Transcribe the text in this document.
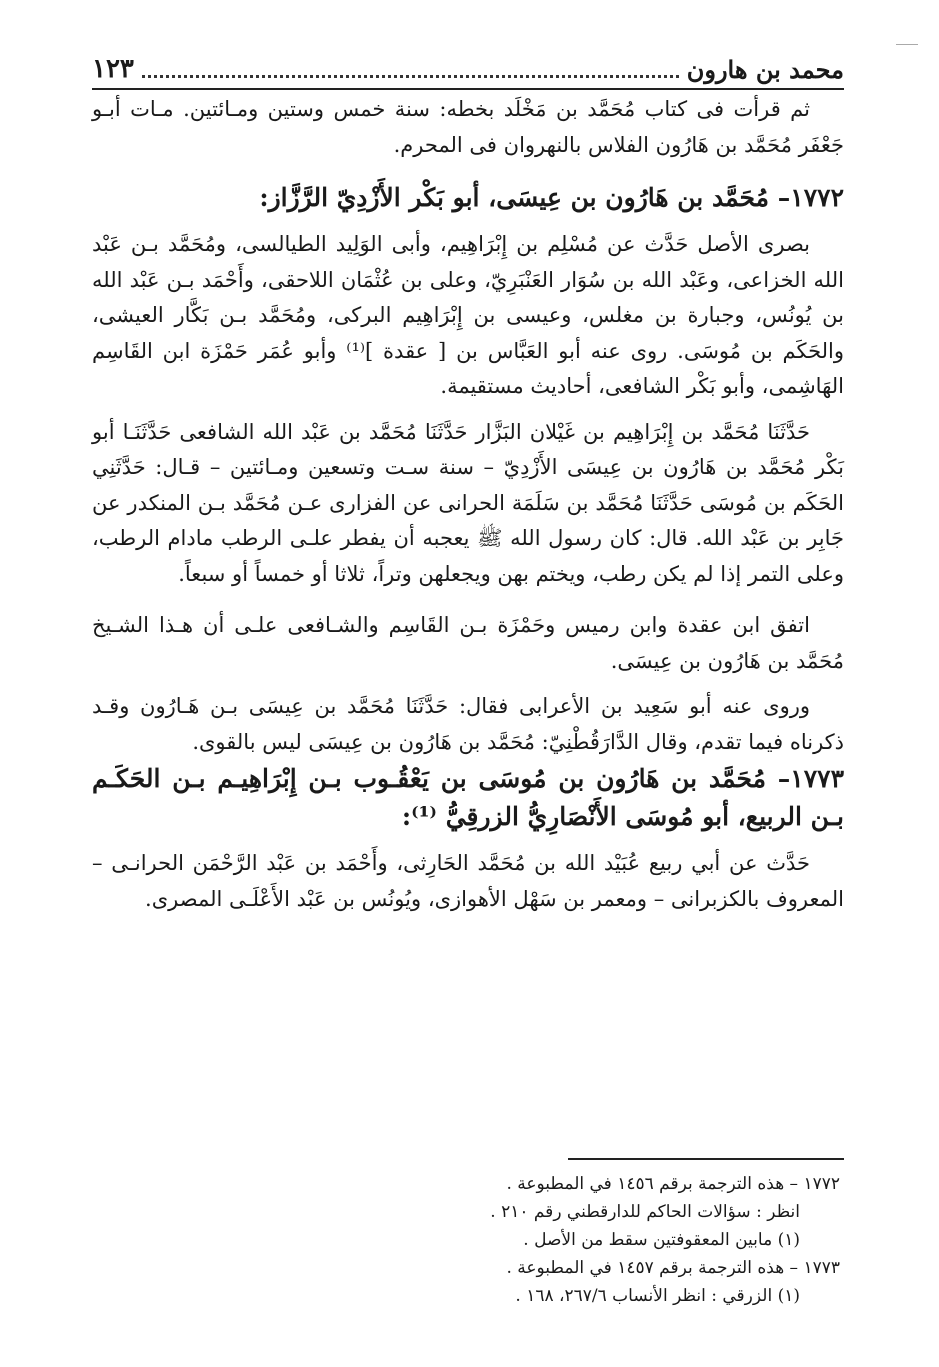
١٢٣	محمد بن هارون

ثم قرأت فى كتاب مُحَمَّد بن مَخْلَد بخطه: سنة خمس وستين ومـائتين. مـات أبـو جَعْفَر مُحَمَّد بن هَارُون الفلاس بالنهروان فى المحرم.

١٧٧٢– مُحَمَّد بن هَارُون بن عِيسَى، أبو بَكْر الأَزْدِيّ الرَّزَّاز:

بصرى الأصل حَدَّث عن مُسْلِم بن إِبْرَاهِيم، وأبى الوَلِيد الطيالسى، ومُحَمَّد بـن عَبْد الله الخزاعى، وعَبْد الله بن سُوَار العَنْبَرِيّ، وعلى بن عُثْمَان اللاحقى، وأَحْمَد بـن عَبْد الله بن يُونُس، وجبارة بن مغلس، وعيسى بن إِبْرَاهِيم البركى، ومُحَمَّد بـن بَكَّار العيشى، والحَكَم بن مُوسَى. روى عنه أبو العَبَّاس بن [ عقدة ]⁽¹⁾ وأبو عُمَر حَمْزَة ابن القَاسِم الهَاشِمى، وأبو بَكْر الشافعى، أحاديث مستقيمة.

حَدَّثَنَا مُحَمَّد بن إِبْرَاهِيم بن غَيْلان البَزَّار حَدَّثَنَا مُحَمَّد بن عَبْد الله الشافعى حَدَّثَنَـا أبو بَكْر مُحَمَّد بن هَارُون بن عِيسَى الأَزْدِيّ – سنة سـت وتسعين ومـائتين – قـال: حَدَّثَنِي الحَكَم بن مُوسَى حَدَّثَنَا مُحَمَّد بن سَلَمَة الحرانى عن الفزارى عـن مُحَمَّد بـن المنكدر عن جَابِر بن عَبْد الله. قال: كان رسول الله ﷺ يعجبه أن يفطر علـى الرطب مادام الرطب، وعلى التمر إذا لم يكن رطب، ويختم بهن ويجعلهن وتراً، ثلاثا أو خمساً أو سبعاً.

اتفق ابن عقدة وابن رميس وحَمْزَة بـن القَاسِم والشـافعى علـى أن هـذا الشـيخ مُحَمَّد بن هَارُون بن عِيسَى.

وروى عنه أبو سَعِيد بن الأعرابى فقال: حَدَّثَنَا مُحَمَّد بن عِيسَى بـن هَـارُون وقـد ذكرناه فيما تقدم، وقال الدَّارَقُطْنِيّ: مُحَمَّد بن هَارُون بن عِيسَى ليس بالقوى.

١٧٧٣– مُحَمَّد بن هَارُون بن مُوسَى بن يَعْقُـوب بـن إِبْرَاهِيـم بـن الحَكَـم بـن الربيع، أبو مُوسَى الأَنْصَارِيُّ الزرقِيُّ ⁽¹⁾:

حَدَّث عن أبي ربيع عُبَيْد الله بن مُحَمَّد الحَارِثى، وأَحْمَد بن عَبْد الرَّحْمَن الحرانـى – المعروف بالكزبرانى – ومعمر بن سَهْل الأهوازى، ويُونُس بن عَبْد الأَعْلَـى المصرى.

١٧٧٢ – هذه الترجمة برقم ١٤٥٦ في المطبوعة .
انظر : سؤالات الحاكم للدارقطني رقم ٢١٠ .
(١) مابين المعقوفتين سقط من الأصل .
١٧٧٣ – هذه الترجمة برقم ١٤٥٧ في المطبوعة .
(١) الزرقي : انظر الأنساب ٢٦٧/٦، ١٦٨ .
